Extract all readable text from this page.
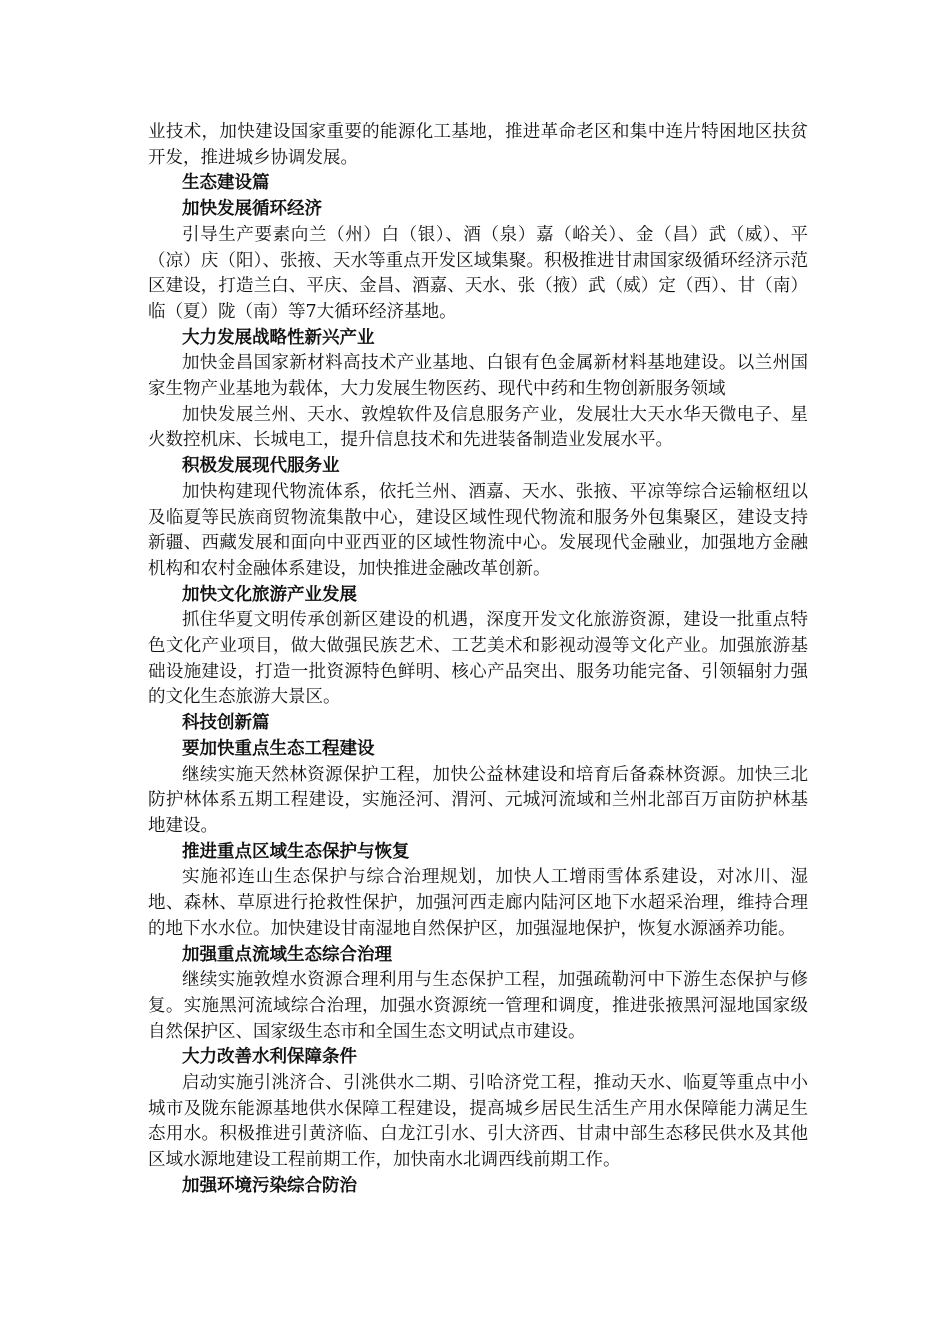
业技术，加快建设国家重要的能源化工基地，推进革命老区和集中连片特困地区扶贫开发，推进城乡协调发展。

生态建设篇

加快发展循环经济

引导生产要素向兰（州）白（银）、酒（泉）嘉（峪关）、金（昌）武（威）、平（凉）庆（阳）、张掖、天水等重点开发区域集聚。积极推进甘肃国家级循环经济示范区建设，打造兰白、平庆、金昌、酒嘉、天水、张（掖）武（威）定（西）、甘（南）临（夏）陇（南）等7大循环经济基地。

大力发展战略性新兴产业

加快金昌国家新材料高技术产业基地、白银有色金属新材料基地建设。以兰州国家生物产业基地为载体，大力发展生物医药、现代中药和生物创新服务领域

加快发展兰州、天水、敦煌软件及信息服务产业，发展壮大天水华天微电子、星火数控机床、长城电工，提升信息技术和先进装备制造业发展水平。

积极发展现代服务业

加快构建现代物流体系，依托兰州、酒嘉、天水、张掖、平凉等综合运输枢纽以及临夏等民族商贸物流集散中心，建设区域性现代物流和服务外包集聚区，建设支持新疆、西藏发展和面向中亚西亚的区域性物流中心。发展现代金融业，加强地方金融机构和农村金融体系建设，加快推进金融改革创新。

加快文化旅游产业发展

抓住华夏文明传承创新区建设的机遇，深度开发文化旅游资源，建设一批重点特色文化产业项目，做大做强民族艺术、工艺美术和影视动漫等文化产业。加强旅游基础设施建设，打造一批资源特色鲜明、核心产品突出、服务功能完备、引领辐射力强的文化生态旅游大景区。

科技创新篇

要加快重点生态工程建设

继续实施天然林资源保护工程，加快公益林建设和培育后备森林资源。加快三北防护林体系五期工程建设，实施泾河、渭河、元城河流域和兰州北部百万亩防护林基地建设。

推进重点区域生态保护与恢复

实施祁连山生态保护与综合治理规划，加快人工增雨雪体系建设，对冰川、湿地、森林、草原进行抢救性保护，加强河西走廊内陆河区地下水超采治理，维持合理的地下水水位。加快建设甘南湿地自然保护区，加强湿地保护，恢复水源涵养功能。

加强重点流域生态综合治理

继续实施敦煌水资源合理利用与生态保护工程，加强疏勒河中下游生态保护与修复。实施黑河流域综合治理，加强水资源统一管理和调度，推进张掖黑河湿地国家级自然保护区、国家级生态市和全国生态文明试点市建设。

大力改善水利保障条件

启动实施引洮济合、引洮供水二期、引哈济党工程，推动天水、临夏等重点中小城市及陇东能源基地供水保障工程建设，提高城乡居民生活生产用水保障能力满足生态用水。积极推进引黄济临、白龙江引水、引大济西、甘肃中部生态移民供水及其他区域水源地建设工程前期工作，加快南水北调西线前期工作。

加强环境污染综合防治
